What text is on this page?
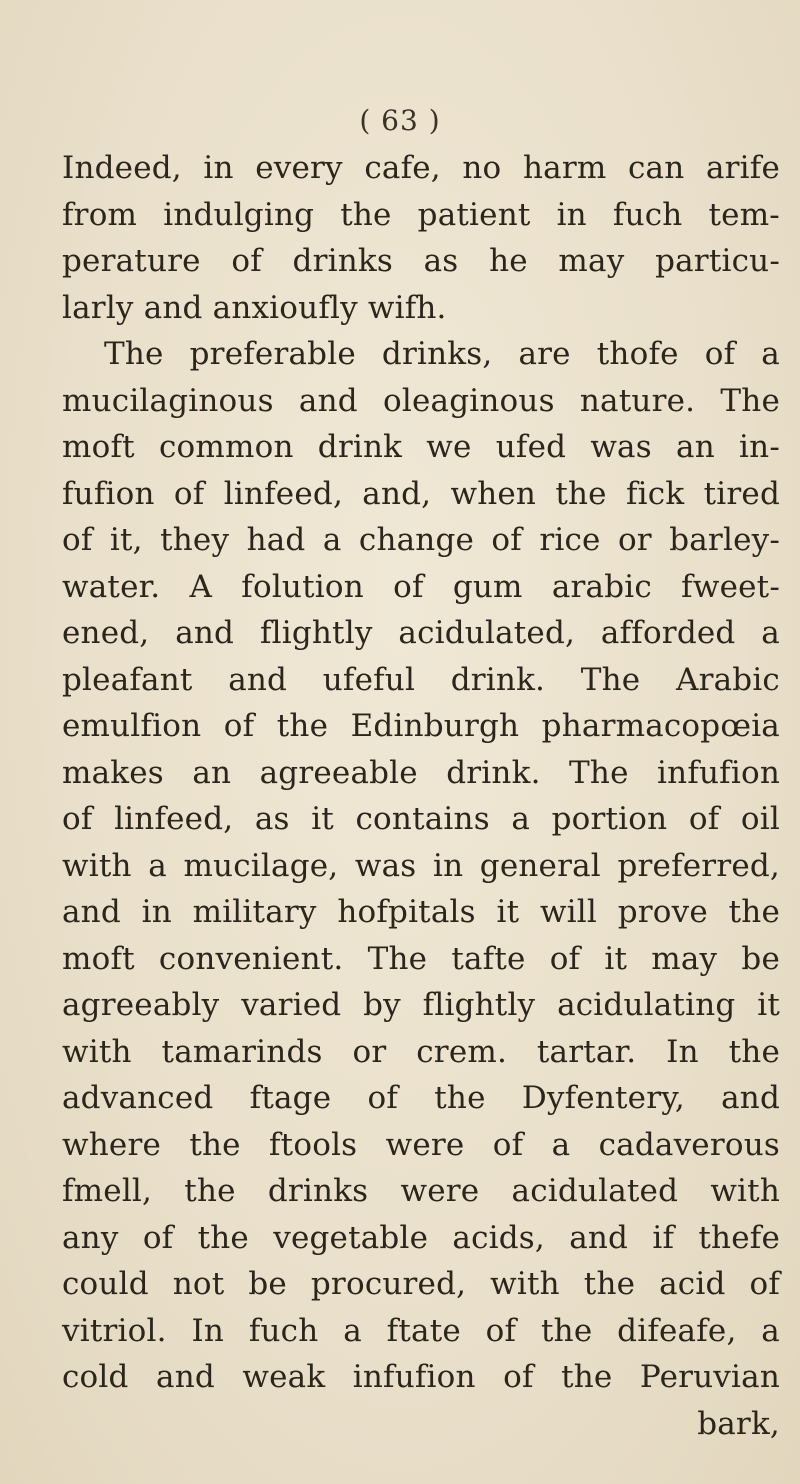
( 63 )
Indeed, in every cafe, no harm can arife
from indulging the patient in fuch tem-
perature of drinks as he may particu-
larly and anxioufly wifh.
The preferable drinks, are thofe of a
mucilaginous and oleaginous nature. The
moft common drink we ufed was an in-
fufion of linfeed, and, when the fick tired
of it, they had a change of rice or barley-
water. A folution of gum arabic fweet-
ened, and flightly acidulated, afforded a
pleafant and ufeful drink. The Arabic
emulfion of the Edinburgh pharmacopœia
makes an agreeable drink. The infufion
of linfeed, as it contains a portion of oil
with a mucilage, was in general preferred,
and in military hofpitals it will prove the
moft convenient. The tafte of it may be
agreeably varied by flightly acidulating it
with tamarinds or crem. tartar. In the
advanced ftage of the Dyfentery, and
where the ftools were of a cadaverous
fmell, the drinks were acidulated with
any of the vegetable acids, and if thefe
could not be procured, with the acid of
vitriol. In fuch a ftate of the difeafe, a
cold and weak infufion of the Peruvian
bark,
